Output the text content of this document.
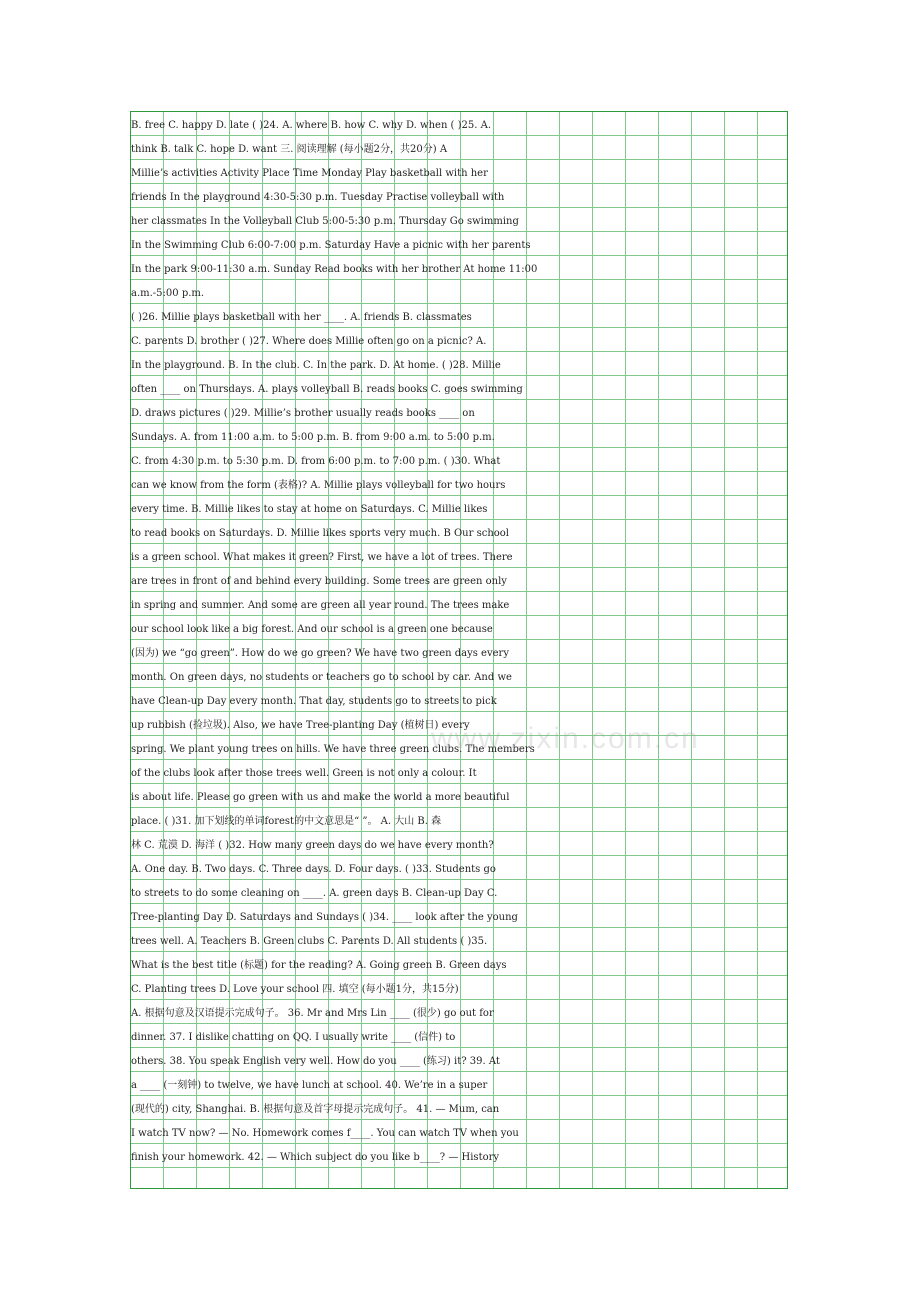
B. free C. happy D. late ( )24. A. where B. how C. why D. when ( )25. A.
think B. talk C. hope D. want 三. 阅读理解 (每小题2分，共20分) A
Millie’s activities Activity Place Time Monday Play basketball with her
friends In the playground 4:30-5:30 p.m. Tuesday Practise volleyball with
her classmates In the Volleyball Club 5:00-5:30 p.m. Thursday Go swimming
In the Swimming Club 6:00-7:00 p.m. Saturday Have a picnic with her parents
In the park 9:00-11:30 a.m. Sunday Read books with her brother At home 11:00
a.m.-5:00 p.m.
( )26. Millie plays basketball with her ____. A. friends B. classmates
C. parents D. brother ( )27. Where does Millie often go on a picnic? A.
In the playground. B. In the club. C. In the park. D. At home. ( )28. Millie
often ____ on Thursdays. A. plays volleyball B. reads books C. goes swimming
D. draws pictures ( )29. Millie’s brother usually reads books ____ on
Sundays. A. from 11:00 a.m. to 5:00 p.m. B. from 9:00 a.m. to 5:00 p.m.
C. from 4:30 p.m. to 5:30 p.m. D. from 6:00 p.m. to 7:00 p.m. ( )30. What
can we know from the form (表格)? A. Millie plays volleyball for two hours
every time. B. Millie likes to stay at home on Saturdays. C. Millie likes
to read books on Saturdays. D. Millie likes sports very much. B Our school
is a green school. What makes it green? First, we have a lot of trees. There
are trees in front of and behind every building. Some trees are green only
in spring and summer. And some are green all year round. The trees make
our school look like a big forest. And our school is a green one because
(因为) we “go green”. How do we go green? We have two green days every
month. On green days, no students or teachers go to school by car. And we
have Clean-up Day every month. That day, students go to streets to pick
up rubbish (捡垃圾). Also, we have Tree-planting Day (植树日) every
spring. We plant young trees on hills. We have three green clubs. The members
of the clubs look after those trees well. Green is not only a colour. It
is about life. Please go green with us and make the world a more beautiful
place. ( )31. 加下划线的单词forest的中文意思是“ ”。 A. 大山 B. 森
林 C. 荒漠 D. 海洋 ( )32. How many green days do we have every month?
A. One day. B. Two days. C. Three days. D. Four days. ( )33. Students go
to streets to do some cleaning on ____. A. green days B. Clean-up Day C.
Tree-planting Day D. Saturdays and Sundays ( )34. ____ look after the young
trees well. A. Teachers B. Green clubs C. Parents D. All students ( )35.
What is the best title (标题) for the reading? A. Going green B. Green days
C. Planting trees D. Love your school 四. 填空 (每小题1分，共15分)
A. 根据句意及汉语提示完成句子。 36. Mr and Mrs Lin ____ (很少) go out for
dinner. 37. I dislike chatting on QQ. I usually write ____ (信件) to
others. 38. You speak English very well. How do you ____ (练习) it? 39. At
a ____ (一刻钟) to twelve, we have lunch at school. 40. We’re in a super
(现代的) city, Shanghai. B. 根据句意及首字母提示完成句子。 41. — Mum, can
I watch TV now? — No. Homework comes f____. You can watch TV when you
finish your homework. 42. — Which subject do you like b____? — History
www.zixin.com.cn
